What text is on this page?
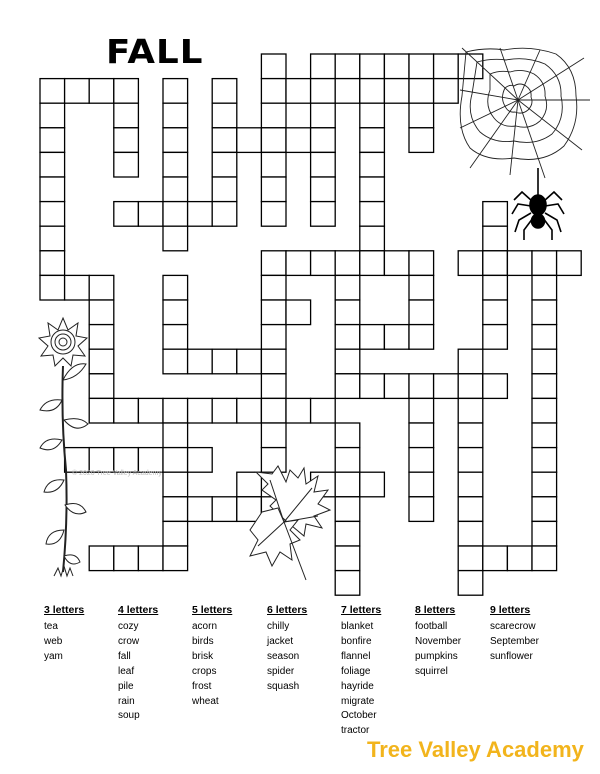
FALL
© 2020 Tree Valley Academy
3 letters
tea
web
yam
4 letters
cozy
crow
fall
leaf
pile
rain
soup
5 letters
acorn
birds
brisk
crops
frost
wheat
6 letters
chilly
jacket
season
spider
squash
7 letters
blanket
bonfire
flannel
foliage
hayride
migrate
October
tractor
8 letters
football
November
pumpkins
squirrel
9 letters
scarecrow
September
sunflower
Tree Valley Academy
